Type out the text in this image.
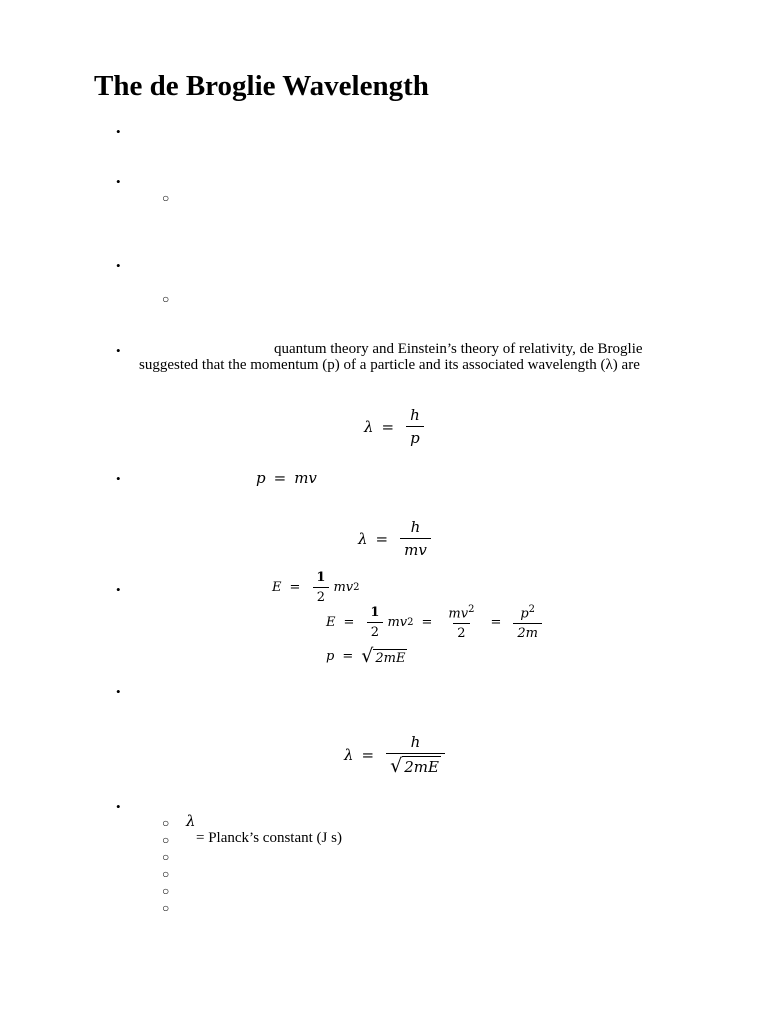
The de Broglie Wavelength
•
•
○
•
○
•	quantum theory and Einstein’s theory of relativity, de Broglie
suggested that the momentum (p) of a particle and its associated wavelength (λ) are
$\lambda = \frac{h}{p}$
•	p = mv
$\lambda = \frac{h}{mv}$
•	$E = \frac{1}{2}$ mv 2
$E = \frac{1}{2}$ mv $2 = \frac{mv^2}{2} = \frac{p^2}{2m}$
p = √ 2mE
•
$\lambda = \frac{h}{√ 2mE}$
•
○ λ
○ = Planck’s constant (J s)
○
○
○
○
